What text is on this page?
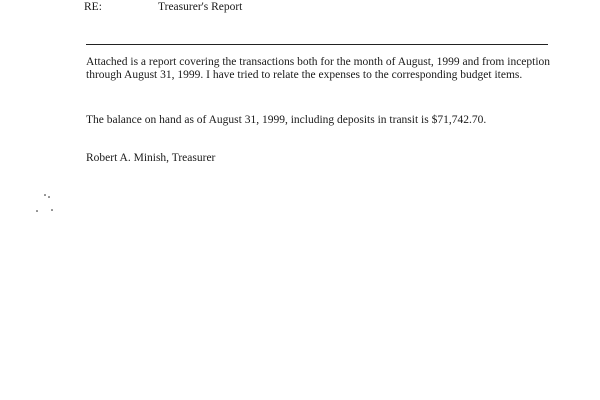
RE:	Treasurer's Report

Attached is a report covering the transactions both for the month of August, 1999 and from inception through August 31, 1999. I have tried to relate the expenses to the corresponding budget items.

The balance on hand as of August 31, 1999, including deposits in transit is $71,742.70.

Robert A. Minish, Treasurer
